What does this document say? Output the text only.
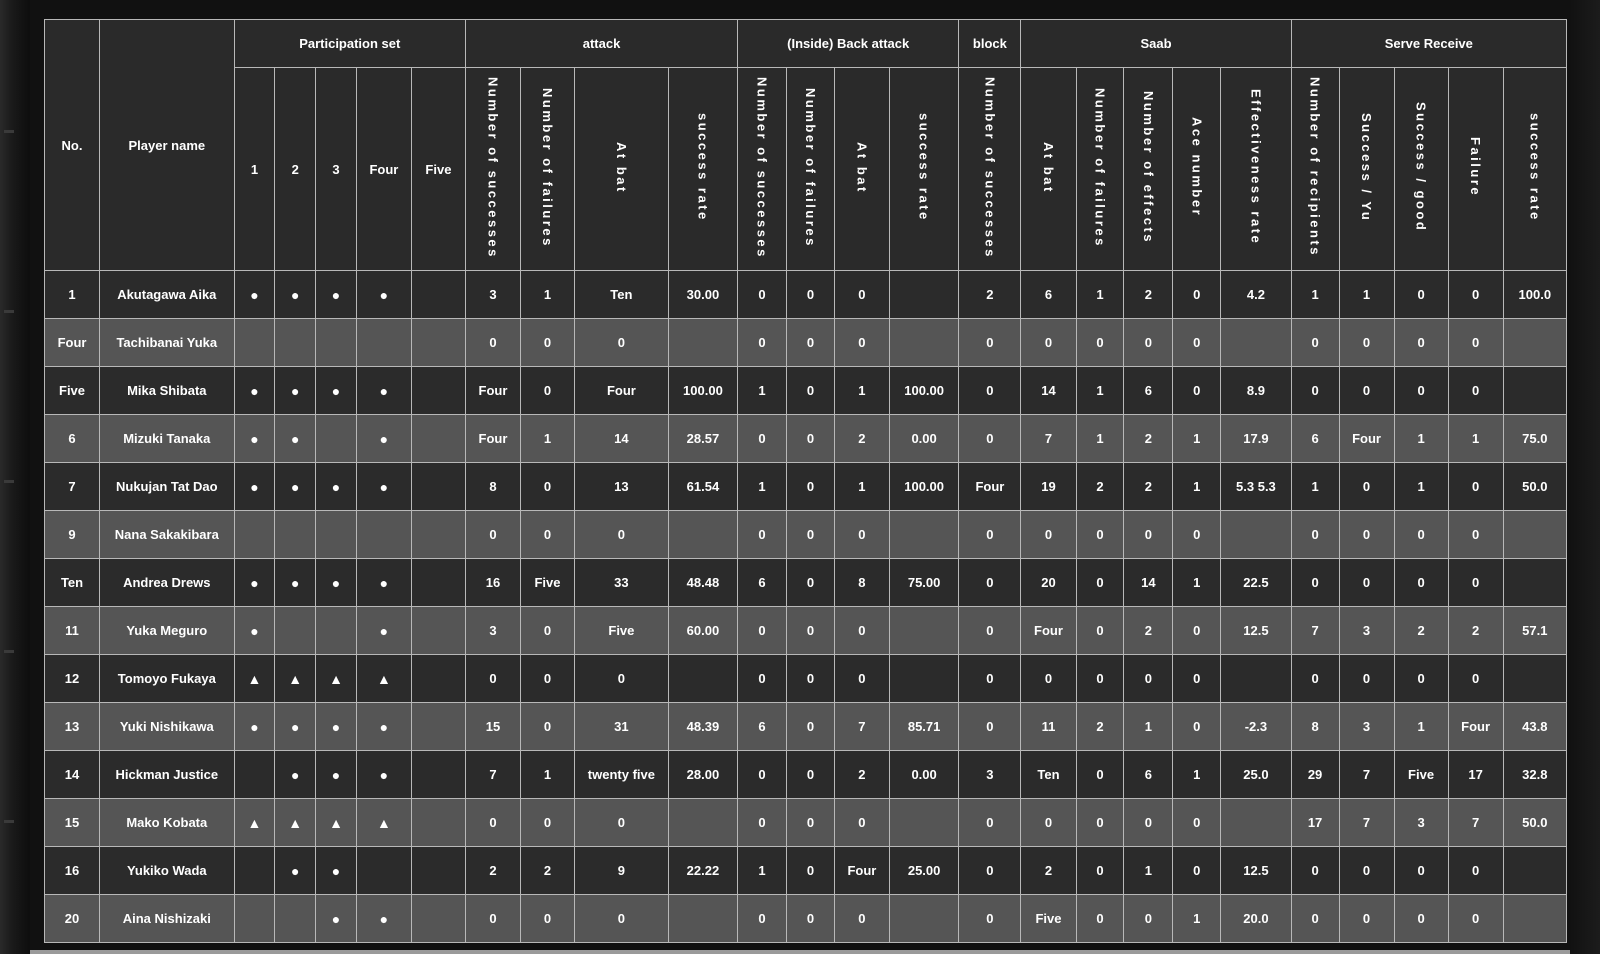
No.	Player name	Participation set					attack				(Inside) Back attack				block	Saab					Serve Receive				
		1	2	3	Four	Five	Number of successes	Number of failures	At bat	success rate	Number of successes	Number of failures	At bat	success rate	Number of successes	At bat	Number of failures	Number of effects	Ace number	Effectiveness rate	Number of recipients	Success / Yu	Success / good	Failure	success rate
1	Akutagawa Aika	●	●	●	●		3	1	Ten	30.00	0	0	0		2	6	1	2	0	4.2	1	1	0	0	100.0
Four	Tachibanai Yuka						0	0	0		0	0	0		0	0	0	0	0		0	0	0	0	
Five	Mika Shibata	●	●	●	●		Four	0	Four	100.00	1	0	1	100.00	0	14	1	6	0	8.9	0	0	0	0	
6	Mizuki Tanaka	●	●		●		Four	1	14	28.57	0	0	2	0.00	0	7	1	2	1	17.9	6	Four	1	1	75.0
7	Nukujan Tat Dao	●	●	●	●		8	0	13	61.54	1	0	1	100.00	Four	19	2	2	1	5.3 5.3	1	0	1	0	50.0
9	Nana Sakakibara						0	0	0		0	0	0		0	0	0	0	0		0	0	0	0	
Ten	Andrea Drews	●	●	●	●		16	Five	33	48.48	6	0	8	75.00	0	20	0	14	1	22.5	0	0	0	0	
11	Yuka Meguro	●			●		3	0	Five	60.00	0	0	0		0	Four	0	2	0	12.5	7	3	2	2	57.1
12	Tomoyo Fukaya	▲	▲	▲	▲		0	0	0		0	0	0		0	0	0	0	0		0	0	0	0	
13	Yuki Nishikawa	●	●	●	●		15	0	31	48.39	6	0	7	85.71	0	11	2	1	0	-2.3	8	3	1	Four	43.8
14	Hickman Justice		●	●	●		7	1	twenty five	28.00	0	0	2	0.00	3	Ten	0	6	1	25.0	29	7	Five	17	32.8
15	Mako Kobata	▲	▲	▲	▲		0	0	0		0	0	0		0	0	0	0	0		17	7	3	7	50.0
16	Yukiko Wada		●	●			2	2	9	22.22	1	0	Four	25.00	0	2	0	1	0	12.5	0	0	0	0	
20	Aina Nishizaki			●	●		0	0	0		0	0	0		0	Five	0	0	1	20.0	0	0	0	0	
